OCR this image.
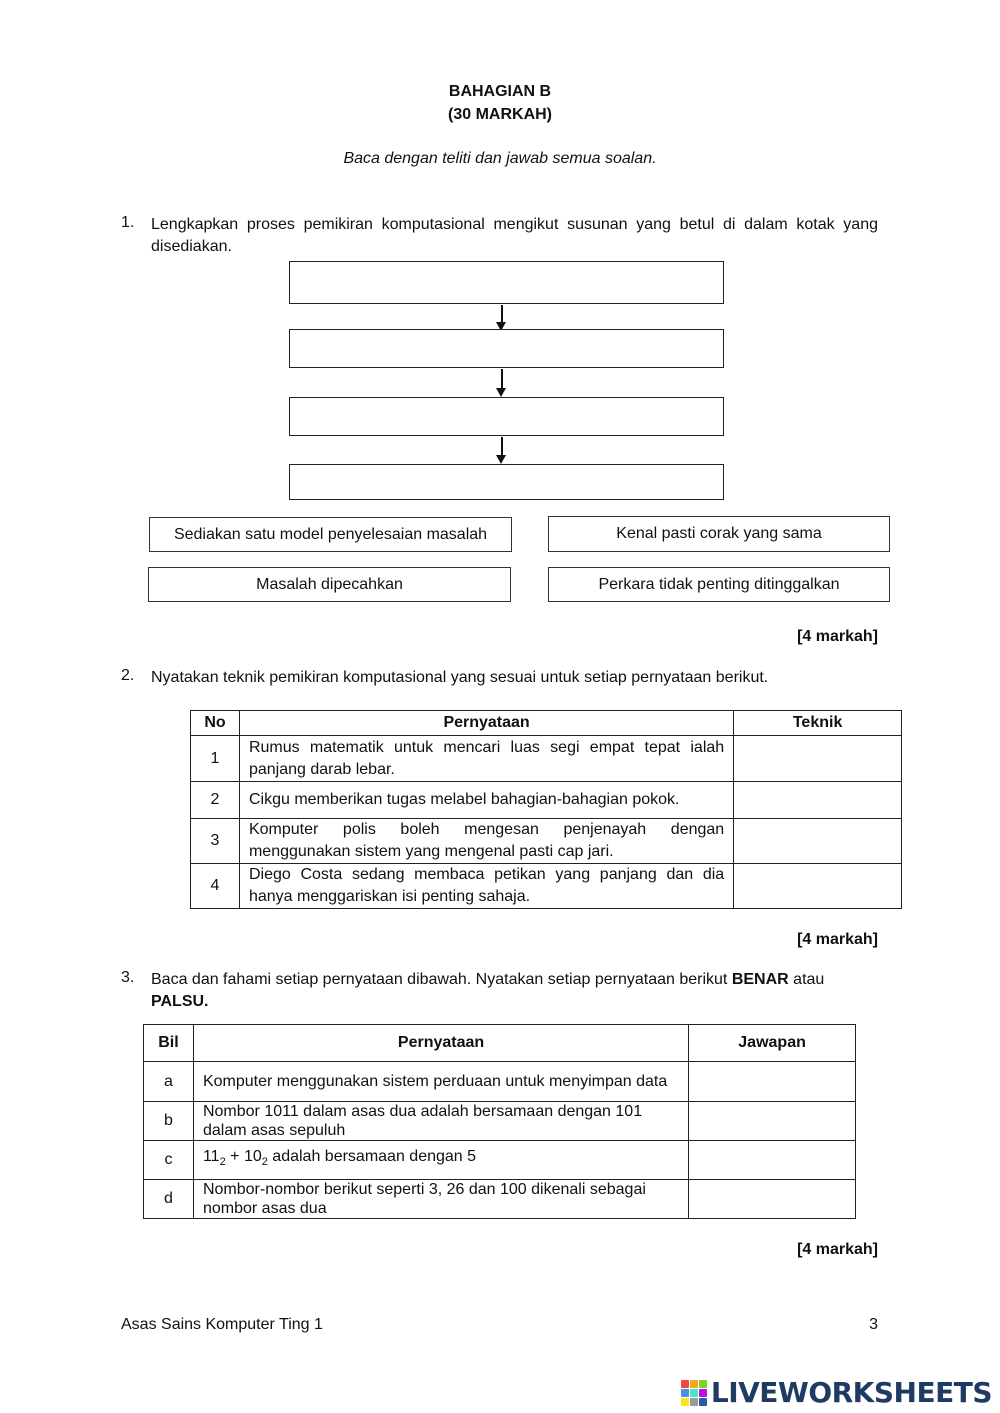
BAHAGIAN B
(30 MARKAH)
Baca dengan teliti dan jawab semua soalan.
1. Lengkapkan proses pemikiran komputasional mengikut susunan yang betul di dalam kotak yang disediakan.
Sediakan satu model penyelesaian masalah	Kenal pasti corak yang sama
Masalah dipecahkan	Perkara tidak penting ditinggalkan
[4 markah]
2. Nyatakan teknik pemikiran komputasional yang sesuai untuk setiap pernyataan berikut.
No	Pernyataan	Teknik
1	Rumus matematik untuk mencari luas segi empat tepat ialah panjang darab lebar.	
2	Cikgu memberikan tugas melabel bahagian-bahagian pokok.	
3	Komputer polis boleh mengesan penjenayah dengan menggunakan sistem yang mengenal pasti cap jari.	
4	Diego Costa sedang membaca petikan yang panjang dan dia hanya menggariskan isi penting sahaja.	
[4 markah]
3. Baca dan fahami setiap pernyataan dibawah. Nyatakan setiap pernyataan berikut BENAR atau
PALSU.
Bil	Pernyataan	Jawapan
a	Komputer menggunakan sistem perduaan untuk menyimpan data	
b	Nombor 1011 dalam asas dua adalah bersamaan dengan 101 dalam asas sepuluh	
c	$11_2 + 10_2$ adalah bersamaan dengan 5	
d	Nombor-nombor berikut seperti 3, 26 dan 100 dikenali sebagai nombor asas dua	
[4 markah]
Asas Sains Komputer Ting 1	3
LIVEWORKSHEETS
